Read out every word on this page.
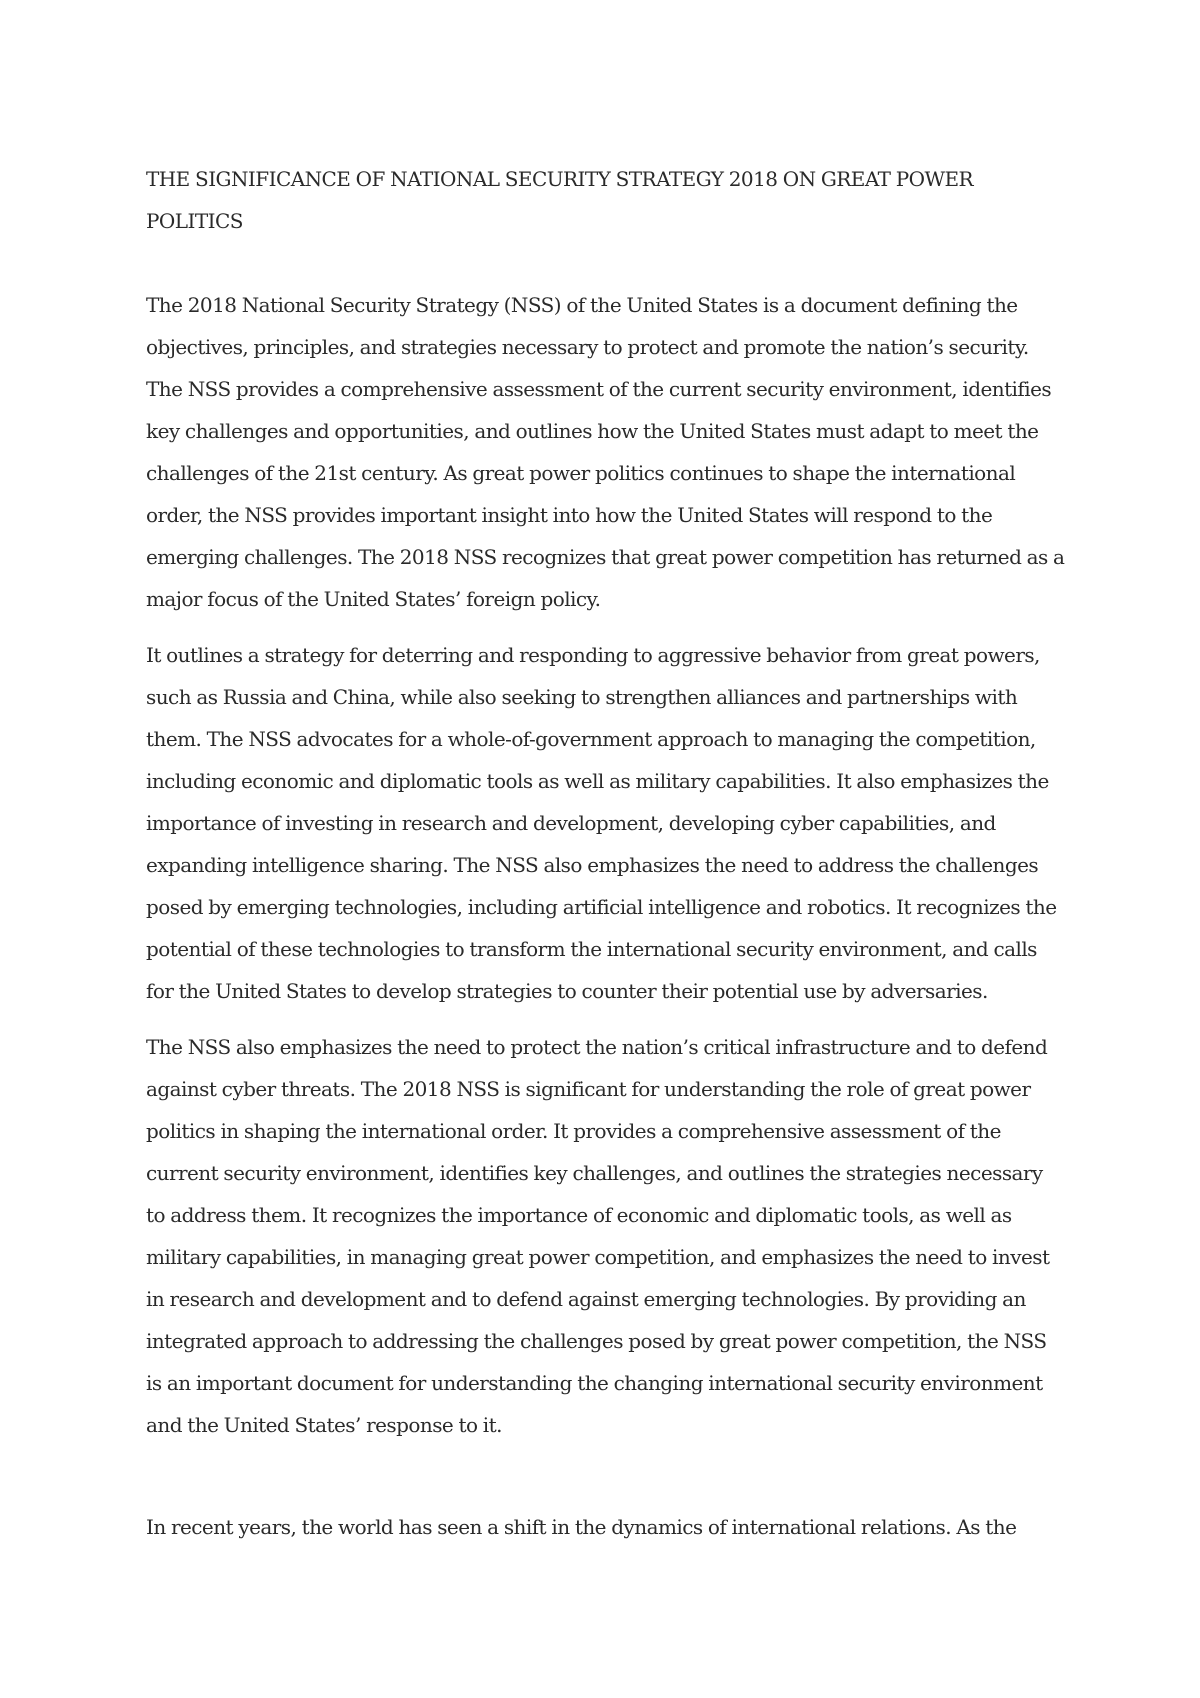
THE SIGNIFICANCE OF NATIONAL SECURITY STRATEGY 2018 ON GREAT POWER POLITICS

The 2018 National Security Strategy (NSS) of the United States is a document defining the objectives, principles, and strategies necessary to protect and promote the nation’s security. The NSS provides a comprehensive assessment of the current security environment, identifies key challenges and opportunities, and outlines how the United States must adapt to meet the challenges of the 21st century. As great power politics continues to shape the international order, the NSS provides important insight into how the United States will respond to the emerging challenges. The 2018 NSS recognizes that great power competition has returned as a major focus of the United States’ foreign policy.

It outlines a strategy for deterring and responding to aggressive behavior from great powers, such as Russia and China, while also seeking to strengthen alliances and partnerships with them. The NSS advocates for a whole-of-government approach to managing the competition, including economic and diplomatic tools as well as military capabilities. It also emphasizes the importance of investing in research and development, developing cyber capabilities, and expanding intelligence sharing. The NSS also emphasizes the need to address the challenges posed by emerging technologies, including artificial intelligence and robotics. It recognizes the potential of these technologies to transform the international security environment, and calls for the United States to develop strategies to counter their potential use by adversaries.

The NSS also emphasizes the need to protect the nation’s critical infrastructure and to defend against cyber threats. The 2018 NSS is significant for understanding the role of great power politics in shaping the international order. It provides a comprehensive assessment of the current security environment, identifies key challenges, and outlines the strategies necessary to address them. It recognizes the importance of economic and diplomatic tools, as well as military capabilities, in managing great power competition, and emphasizes the need to invest in research and development and to defend against emerging technologies. By providing an integrated approach to addressing the challenges posed by great power competition, the NSS is an important document for understanding the changing international security environment and the United States’ response to it.

In recent years, the world has seen a shift in the dynamics of international relations. As the
